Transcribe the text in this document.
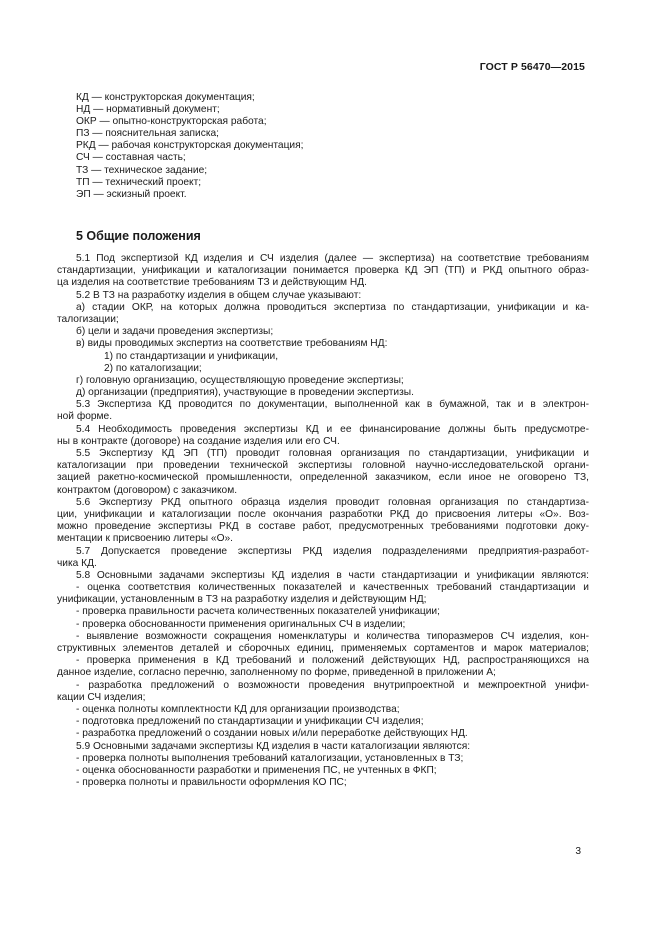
ГОСТ Р 56470—2015
КД — конструкторская документация;
НД — нормативный документ;
ОКР — опытно-конструкторская работа;
ПЗ — пояснительная записка;
РКД — рабочая конструкторская документация;
СЧ — составная часть;
ТЗ — техническое задание;
ТП — технический проект;
ЭП — эскизный проект.
5 Общие положения
5.1 Под экспертизой КД изделия и СЧ изделия (далее — экспертиза) на соответствие требованиям
стандартизации, унификации и каталогизации понимается проверка КД ЭП (ТП) и РКД опытного образ-
ца изделия на соответствие требованиям ТЗ и действующим НД.
5.2 В ТЗ на разработку изделия в общем случае указывают:
а) стадии ОКР, на которых должна проводиться экспертиза по стандартизации, унификации и ка-
талогизации;
б) цели и задачи проведения экспертизы;
в) виды проводимых экспертиз на соответствие требованиям НД:
1) по стандартизации и унификации,
2) по каталогизации;
г) головную организацию, осуществляющую проведение экспертизы;
д) организации (предприятия), участвующие в проведении экспертизы.
5.3 Экспертиза КД проводится по документации, выполненной как в бумажной, так и в электрон-
ной форме.
5.4 Необходимость проведения экспертизы КД и ее финансирование должны быть предусмотре-
ны в контракте (договоре) на создание изделия или его СЧ.
5.5 Экспертизу КД ЭП (ТП) проводит головная организация по стандартизации, унификации и
каталогизации при проведении технической экспертизы головной научно-исследовательской органи-
зацией ракетно-космической промышленности, определенной заказчиком, если иное не оговорено ТЗ,
контрактом (договором) с заказчиком.
5.6 Экспертизу РКД опытного образца изделия проводит головная организация по стандартиза-
ции, унификации и каталогизации после окончания разработки РКД до присвоения литеры «О». Воз-
можно проведение экспертизы РКД в составе работ, предусмотренных требованиями подготовки доку-
ментации к присвоению литеры «О».
5.7 Допускается проведение экспертизы РКД изделия подразделениями предприятия-разработ-
чика КД.
5.8 Основными задачами экспертизы КД изделия в части стандартизации и унификации являются:
- оценка соответствия количественных показателей и качественных требований стандартизации и
унификации, установленным в ТЗ на разработку изделия и действующим НД;
- проверка правильности расчета количественных показателей унификации;
- проверка обоснованности применения оригинальных СЧ в изделии;
- выявление возможности сокращения номенклатуры и количества типоразмеров СЧ изделия, кон-
структивных элементов деталей и сборочных единиц, применяемых сортаментов и марок материалов;
- проверка применения в КД требований и положений действующих НД, распространяющихся на
данное изделие, согласно перечню, заполненному по форме, приведенной в приложении А;
- разработка предложений о возможности проведения внутрипроектной и межпроектной унифи-
кации СЧ изделия;
- оценка полноты комплектности КД для организации производства;
- подготовка предложений по стандартизации и унификации СЧ изделия;
- разработка предложений о создании новых и/или переработке действующих НД.
5.9 Основными задачами экспертизы КД изделия в части каталогизации являются:
- проверка полноты выполнения требований каталогизации, установленных в ТЗ;
- оценка обоснованности разработки и применения ПС, не учтенных в ФКП;
- проверка полноты и правильности оформления КО ПС;
3
